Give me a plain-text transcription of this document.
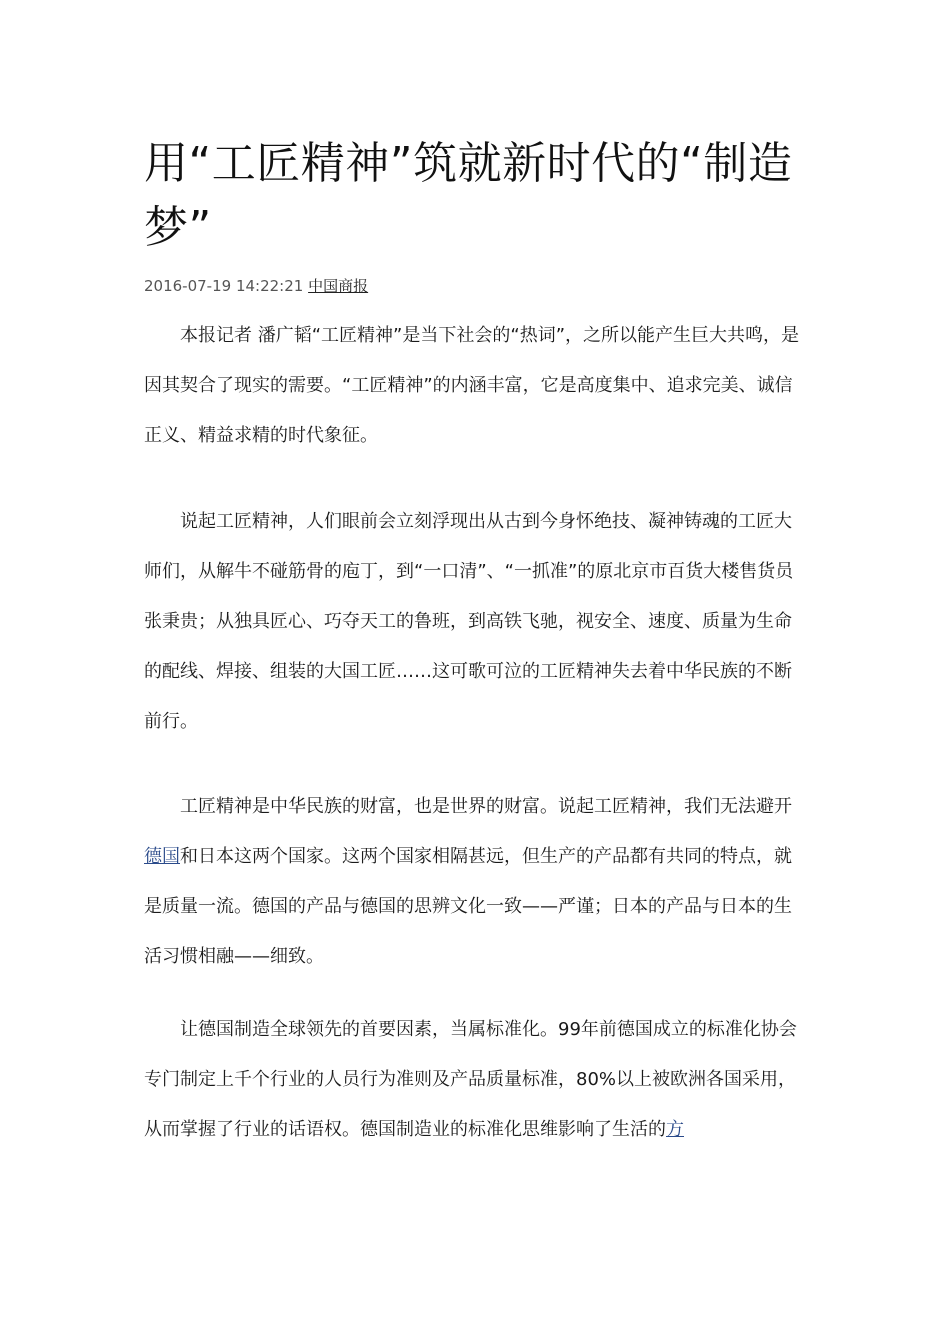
用“工匠精神”筑就新时代的“制造梦”
2016-07-19 14:22:21 中国商报

本报记者 潘广韬“工匠精神”是当下社会的“热词”，之所以能产生巨大共鸣，是因其契合了现实的需要。“工匠精神”的内涵丰富，它是高度集中、追求完美、诚信正义、精益求精的时代象征。

说起工匠精神，人们眼前会立刻浮现出从古到今身怀绝技、凝神铸魂的工匠大师们，从解牛不碰筋骨的庖丁，到“一口清”、“一抓准”的原北京市百货大楼售货员张秉贵；从独具匠心、巧夺天工的鲁班，到高铁飞驰，视安全、速度、质量为生命的配线、焊接、组装的大国工匠……这可歌可泣的工匠精神失去着中华民族的不断前行。

工匠精神是中华民族的财富，也是世界的财富。说起工匠精神，我们无法避开德国和日本这两个国家。这两个国家相隔甚远，但生产的产品都有共同的特点，就是质量一流。德国的产品与德国的思辨文化一致——严谨；日本的产品与日本的生活习惯相融——细致。

让德国制造全球领先的首要因素，当属标准化。99年前德国成立的标准化协会专门制定上千个行业的人员行为准则及产品质量标准，80%以上被欧洲各国采用，从而掌握了行业的话语权。德国制造业的标准化思维影响了生活的方
